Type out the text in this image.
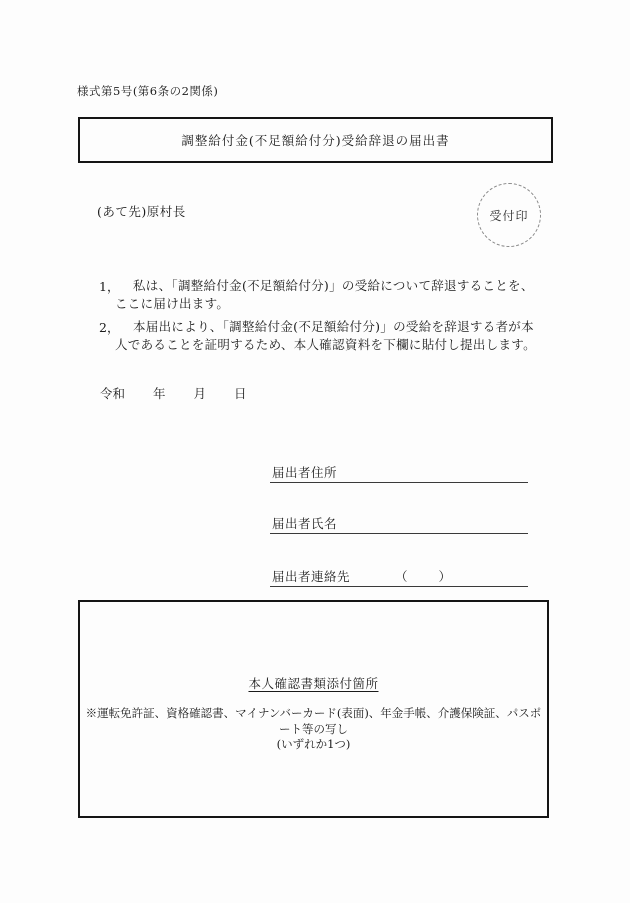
様式第5号(第6条の2関係)
調整給付金(不足額給付分)受給辞退の届出書
(あて先)原村長	受付印
1，	私は、「調整給付金(不足額給付分)」の受給について辞退することを、ここに届け出ます。
2，	本届出により、「調整給付金(不足額給付分)」の受給を辞退する者が本人であることを証明するため、本人確認資料を下欄に貼付し提出します。
令和 年 月 日
届出者住所
届出者氏名
届出者連絡先	（　　）
本人確認書類添付箇所
※運転免許証、資格確認書、マイナンバーカード(表面)、年金手帳、介護保険証、パスポート等の写し
(いずれか1つ)
